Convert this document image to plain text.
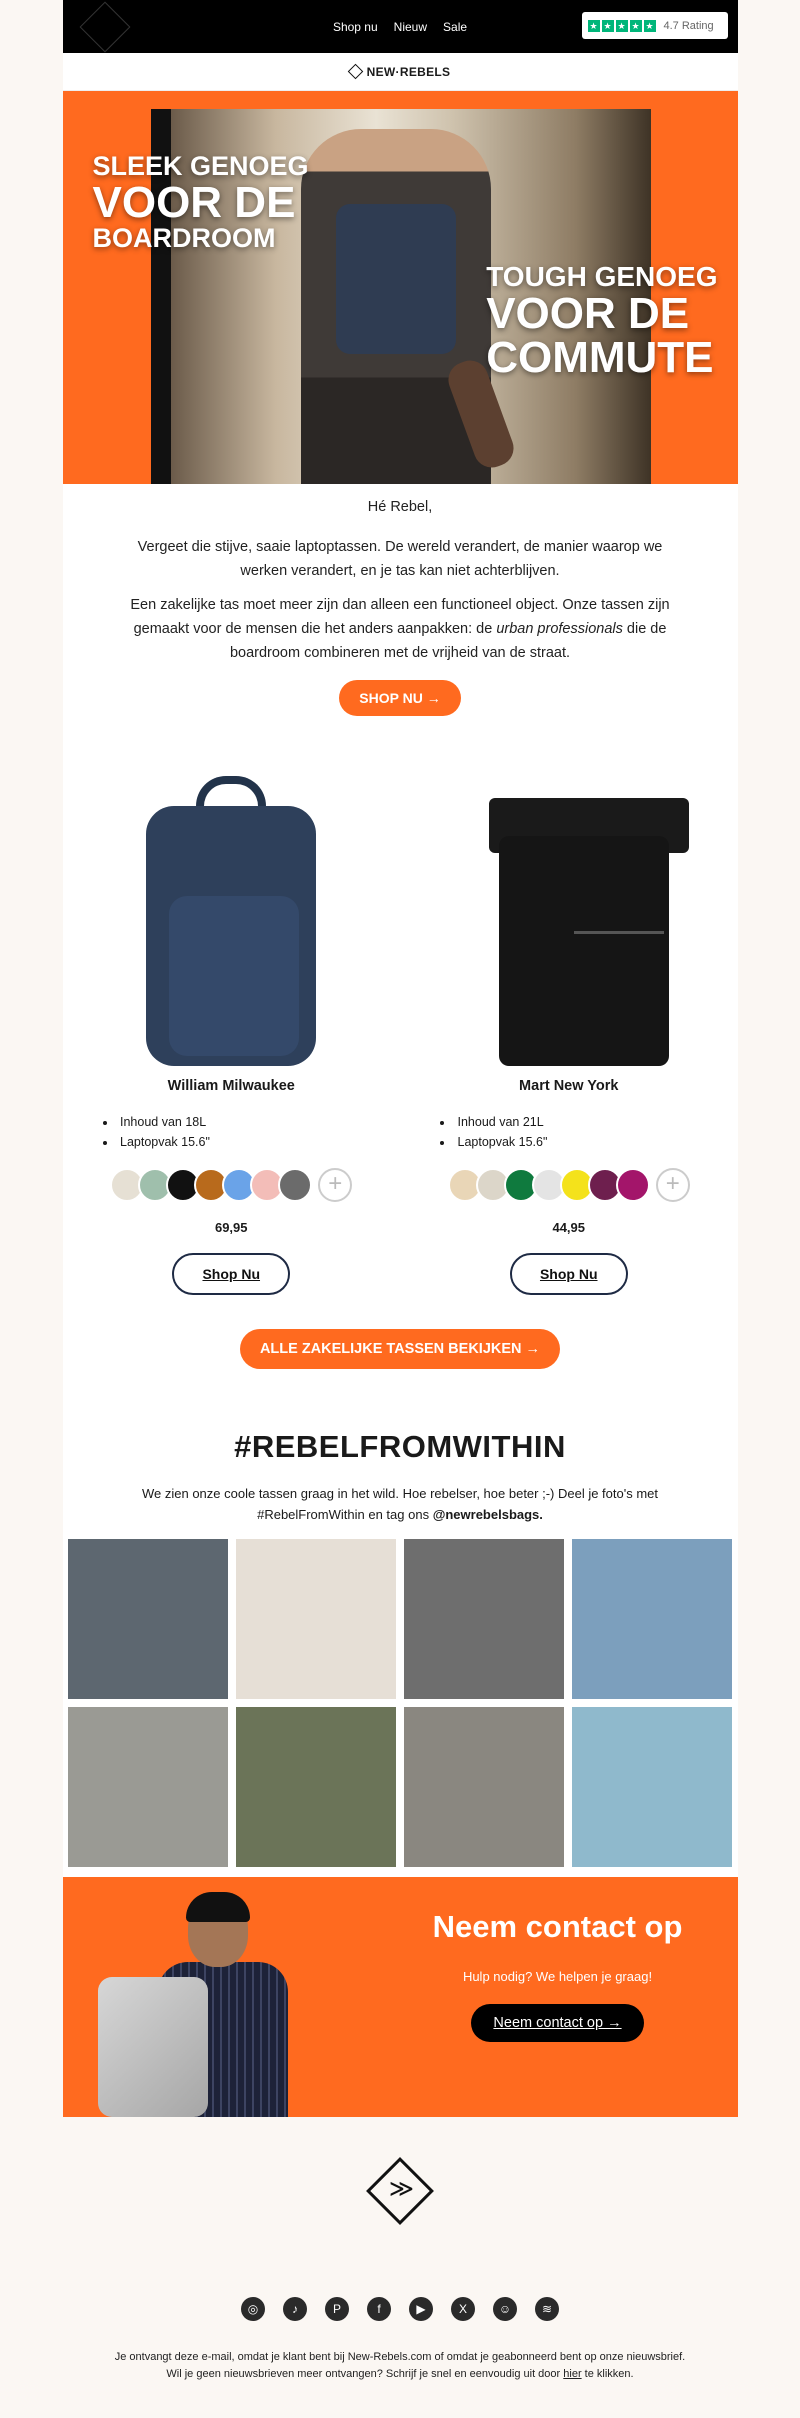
Shop nu Nieuw Sale	★ ★ ★ ★ ★ 4.7 Rating
NEW·REBELS
SLEEK GENOEG
VOOR DE
BOARDROOM
TOUGH GENOEG
VOOR DE
COMMUTE

Hé Rebel,

Vergeet die stijve, saaie laptoptassen. De wereld verandert, de manier waarop we werken verandert, en je tas kan niet achterblijven.

Een zakelijke tas moet meer zijn dan alleen een functioneel object. Onze tassen zijn gemaakt voor de mensen die het anders aanpakken: de urban professionals die de boardroom combineren met de vrijheid van de straat.

SHOP NU →
William Milwaukee
• Inhoud van 18L
• Laptopvak 15.6"
+
69,95
Shop Nu
Mart New York
• Inhoud van 21L
• Laptopvak 15.6"
+
44,95
Shop Nu
ALLE ZAKELIJKE TASSEN BEKIJKEN →
#REBELFROMWITHIN

We zien onze coole tassen graag in het wild. Hoe rebelser, hoe beter ;-) Deel je foto's met #RebelFromWithin en tag ons @newrebelsbags.

Neem contact op

Hulp nodig? We helpen je graag!

Neem contact op →
≫
◎	♪	P	f	▶	X	☺	≋
Je ontvangt deze e-mail, omdat je klant bent bij New-Rebels.com of omdat je geabonneerd bent op onze nieuwsbrief.
Wil je geen nieuwsbrieven meer ontvangen? Schrijf je snel en eenvoudig uit door hier te klikken.
